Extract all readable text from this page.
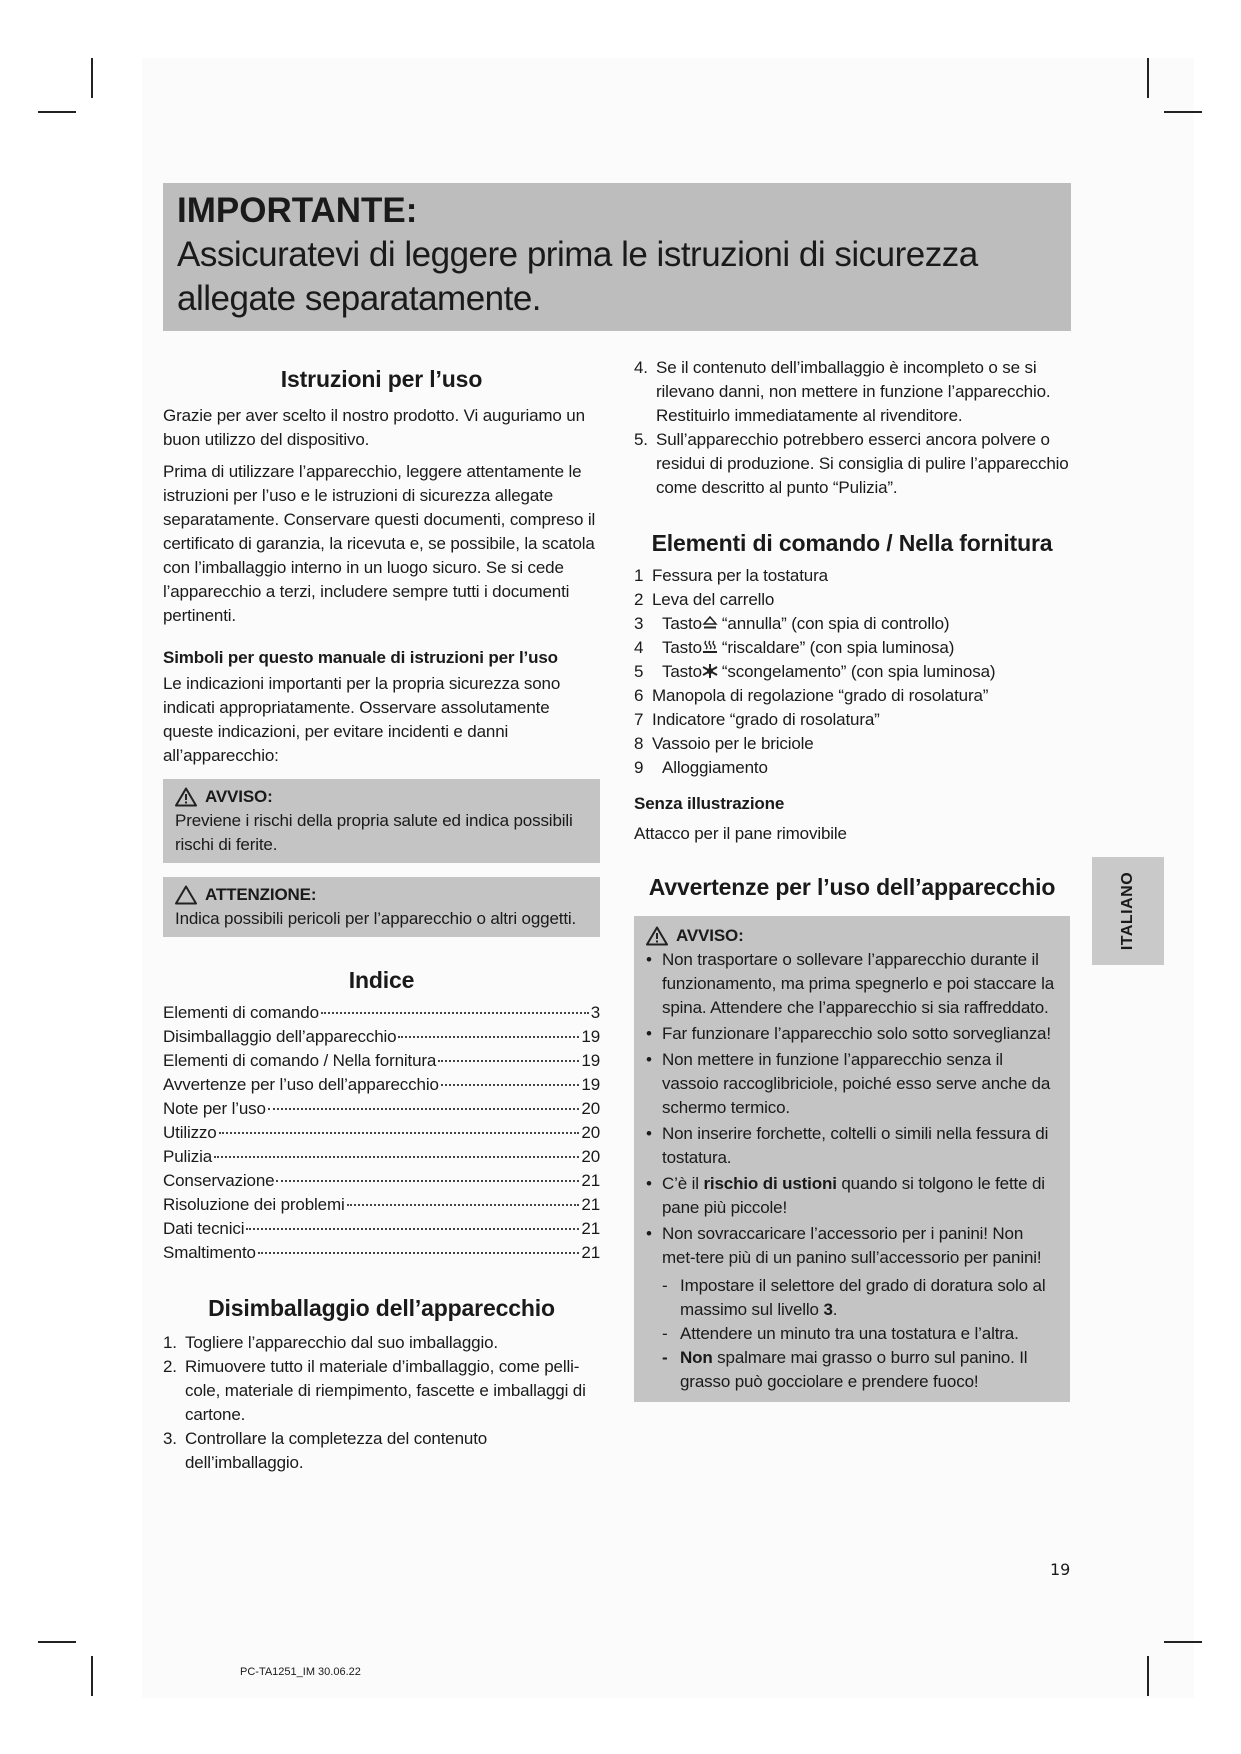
IMPORTANTE:
Assicuratevi di leggere prima le istruzioni di sicurezza allegate separatamente.
Istruzioni per l’uso

Grazie per aver scelto il nostro prodotto. Vi auguriamo un buon utilizzo del dispositivo.

Prima di utilizzare l’apparecchio, leggere attentamente le istruzioni per l’uso e le istruzioni di sicurezza allegate separatamente. Conservare questi documenti, compreso il certificato di garanzia, la ricevuta e, se possibile, la scatola con l’imballaggio interno in un luogo sicuro. Se si cede l’apparecchio a terzi, includere sempre tutti i documenti pertinenti.

Simboli per questo manuale di istruzioni per l’uso

Le indicazioni importanti per la propria sicurezza sono indicati appropriatamente. Osservare assolutamente queste indicazioni, per evitare incidenti e danni all’apparecchio:

AVVISO:

Previene i rischi della propria salute ed indica possibili rischi di ferite.

ATTENZIONE:

Indica possibili pericoli per l’apparecchio o altri oggetti.

Indice
Elementi di comando	3
Disimballaggio dell’apparecchio	19
Elementi di comando / Nella fornitura	19
Avvertenze per l’uso dell’apparecchio	19
Note per l’uso	20
Utilizzo	20
Pulizia	20
Conservazione	21
Risoluzione dei problemi	21
Dati tecnici	21
Smaltimento	21
Disimballaggio dell’apparecchio
1. Togliere l’apparecchio dal suo imballaggio.
2. Rimuovere tutto il materiale d’imballaggio, come pelli-cole, materiale di riempimento, fascette e imballaggi di cartone.
3. Controllare la completezza del contenuto dell’imballaggio.
4. Se il contenuto dell’imballaggio è incompleto o se si rilevano danni, non mettere in funzione l’apparecchio. Restituirlo immediatamente al rivenditore.
5. Sull’apparecchio potrebbero esserci ancora polvere o residui di produzione. Si consiglia di pulire l’apparecchio come descritto al punto “Pulizia”.
Elementi di comando / Nella fornitura
1 Fessura per la tostatura
2 Leva del carrello
3	Tasto “annulla” (con spia di controllo)
4	Tasto “riscaldare” (con spia luminosa)
5	Tasto “scongelamento” (con spia luminosa)
6 Manopola di regolazione “grado di rosolatura”
7 Indicatore “grado di rosolatura”
8 Vassoio per le briciole
9	Alloggiamento

Senza illustrazione

Attacco per il pane rimovibile

Avvertenze per l’uso dell’apparecchio
AVVISO:
• Non trasportare o sollevare l’apparecchio durante il funzionamento, ma prima spegnerlo e poi staccare la spina. Attendere che l’apparecchio si sia raffreddato.
• Far funzionare l’apparecchio solo sotto sorveglianza!
• Non mettere in funzione l’apparecchio senza il vassoio raccoglibriciole, poiché esso serve anche da schermo termico.
• Non inserire forchette, coltelli o simili nella fessura di tostatura.
• C’è il rischio di ustioni quando si tolgono le fette di pane più piccole!
• Non sovraccaricare l’accessorio per i panini! Non met-tere più di un panino sull’accessorio per panini!
- Impostare il selettore del grado di doratura solo al massimo sul livello 3.
- Attendere un minuto tra una tostatura e l’altra.
- Non spalmare mai grasso o burro sul panino. Il grasso può gocciolare e prendere fuoco!
ITALIANO
19
PC-TA1251_IM 30.06.22
